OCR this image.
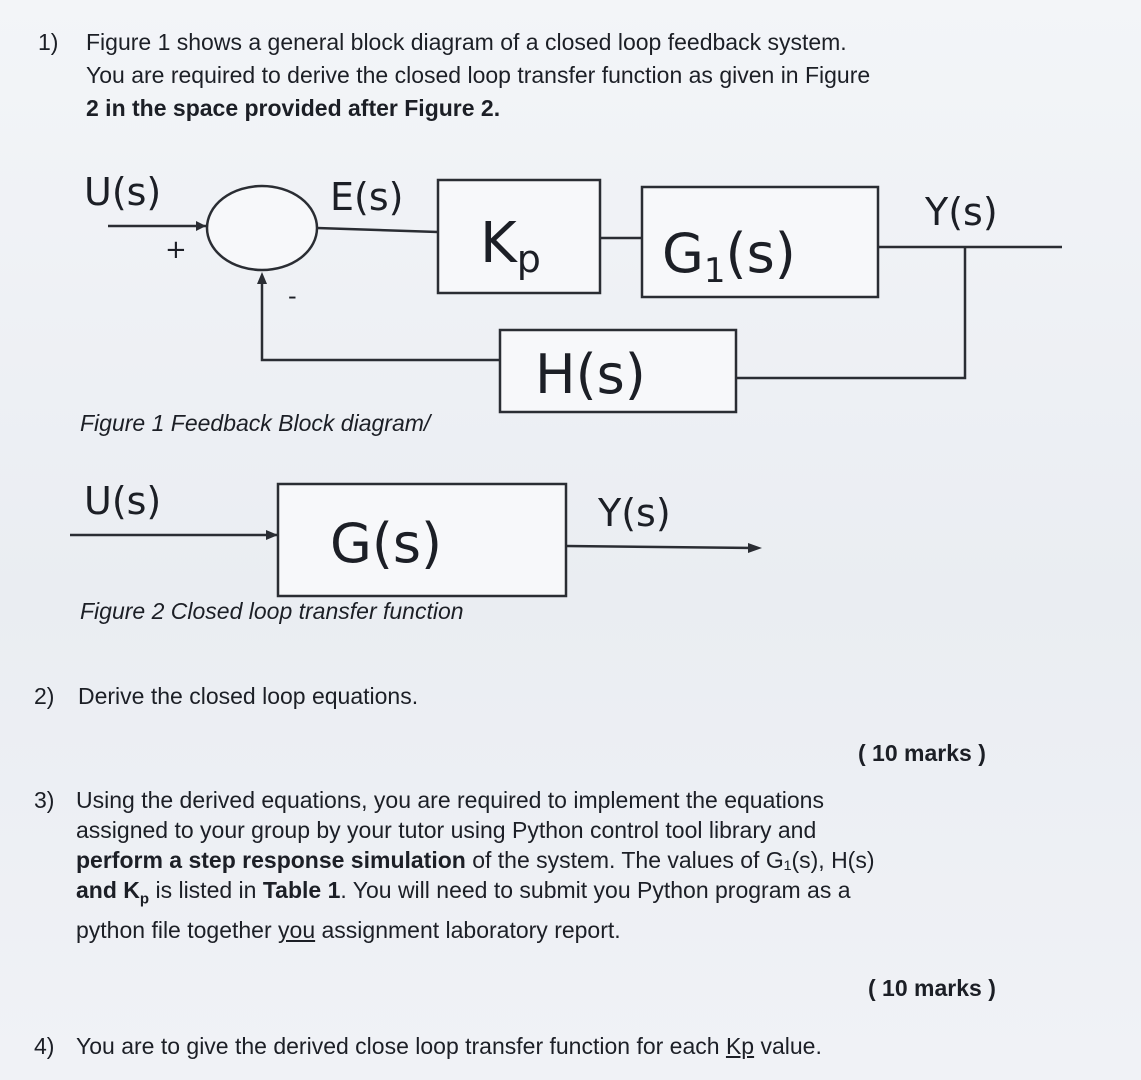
1) Figure 1 shows a general block diagram of a closed loop feedback system.
You are required to derive the closed loop transfer function as given in Figure
2 in the space provided after Figure 2.
U(s)
+
-
E(s)
Kp G1(s)
Y(s)
H(s)
U(s)
G(s)	Y(s)
Figure 1 Feedback Block diagram/
Figure 2 Closed loop transfer function
2) Derive the closed loop equations.
( 10 marks )
3) Using the derived equations, you are required to implement the equations
assigned to your group by your tutor using Python control tool library and
perform a step response simulation of the system. The values of G₁(s), H(s)
and $K_p$ is listed in Table 1. You will need to submit you Python program as a
python file together you assignment laboratory report.
( 10 marks )
4) You are to give the derived close loop transfer function for each Kp value.
